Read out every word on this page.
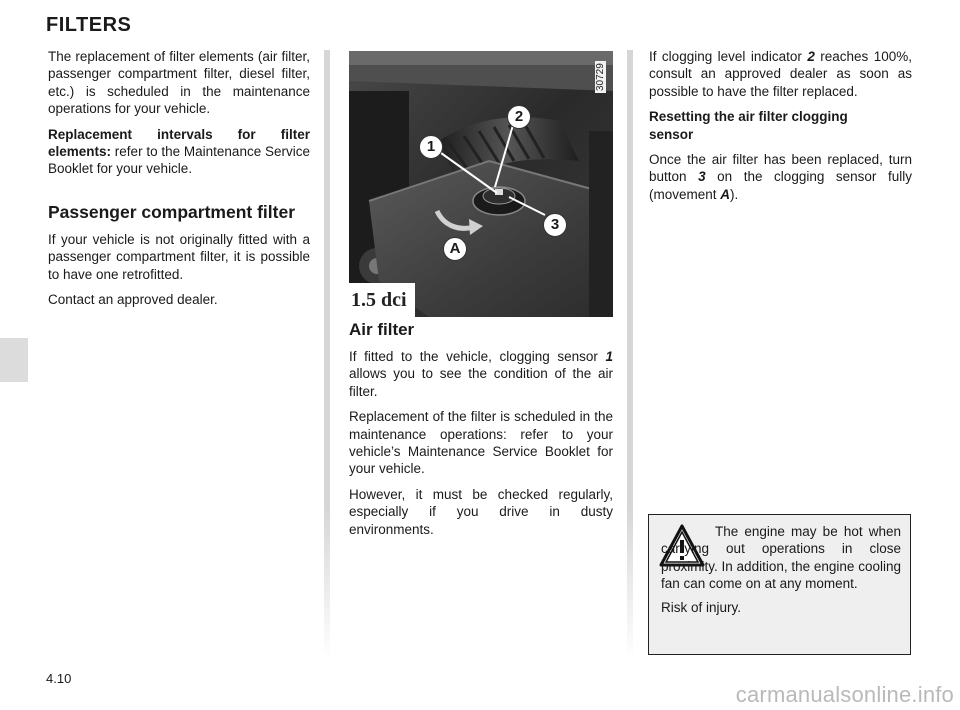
FILTERS

The replacement of filter elements (air filter, passenger compartment filter, diesel filter, etc.) is scheduled in the maintenance operations for your vehicle.

Replacement intervals for filter elements: refer to the Maintenance Service Booklet for your vehicle.

Passenger compartment filter

If your vehicle is not originally fitted with a passenger compartment filter, it is possible to have one retrofitted.

Contact an approved dealer.	1.5 dci
30729
1
2
3
A
Air filter

If fitted to the vehicle, clogging sensor 1 allows you to see the condition of the air filter.

Replacement of the filter is scheduled in the maintenance operations: refer to your vehicle’s Maintenance Service Booklet for your vehicle.

However, it must be checked regularly, especially if you drive in dusty environments.

If clogging level indicator 2 reaches 100%, consult an approved dealer as soon as possible to have the filter replaced.

Resetting the air filter clogging sensor

Once the air filter has been replaced, turn button 3 on the clogging sensor fully (movement A).

The engine may be hot when carrying out operations in close proximity. In addition, the engine cooling fan can come on at any moment.

Risk of injury.

4.10
carmanualsonline.info
